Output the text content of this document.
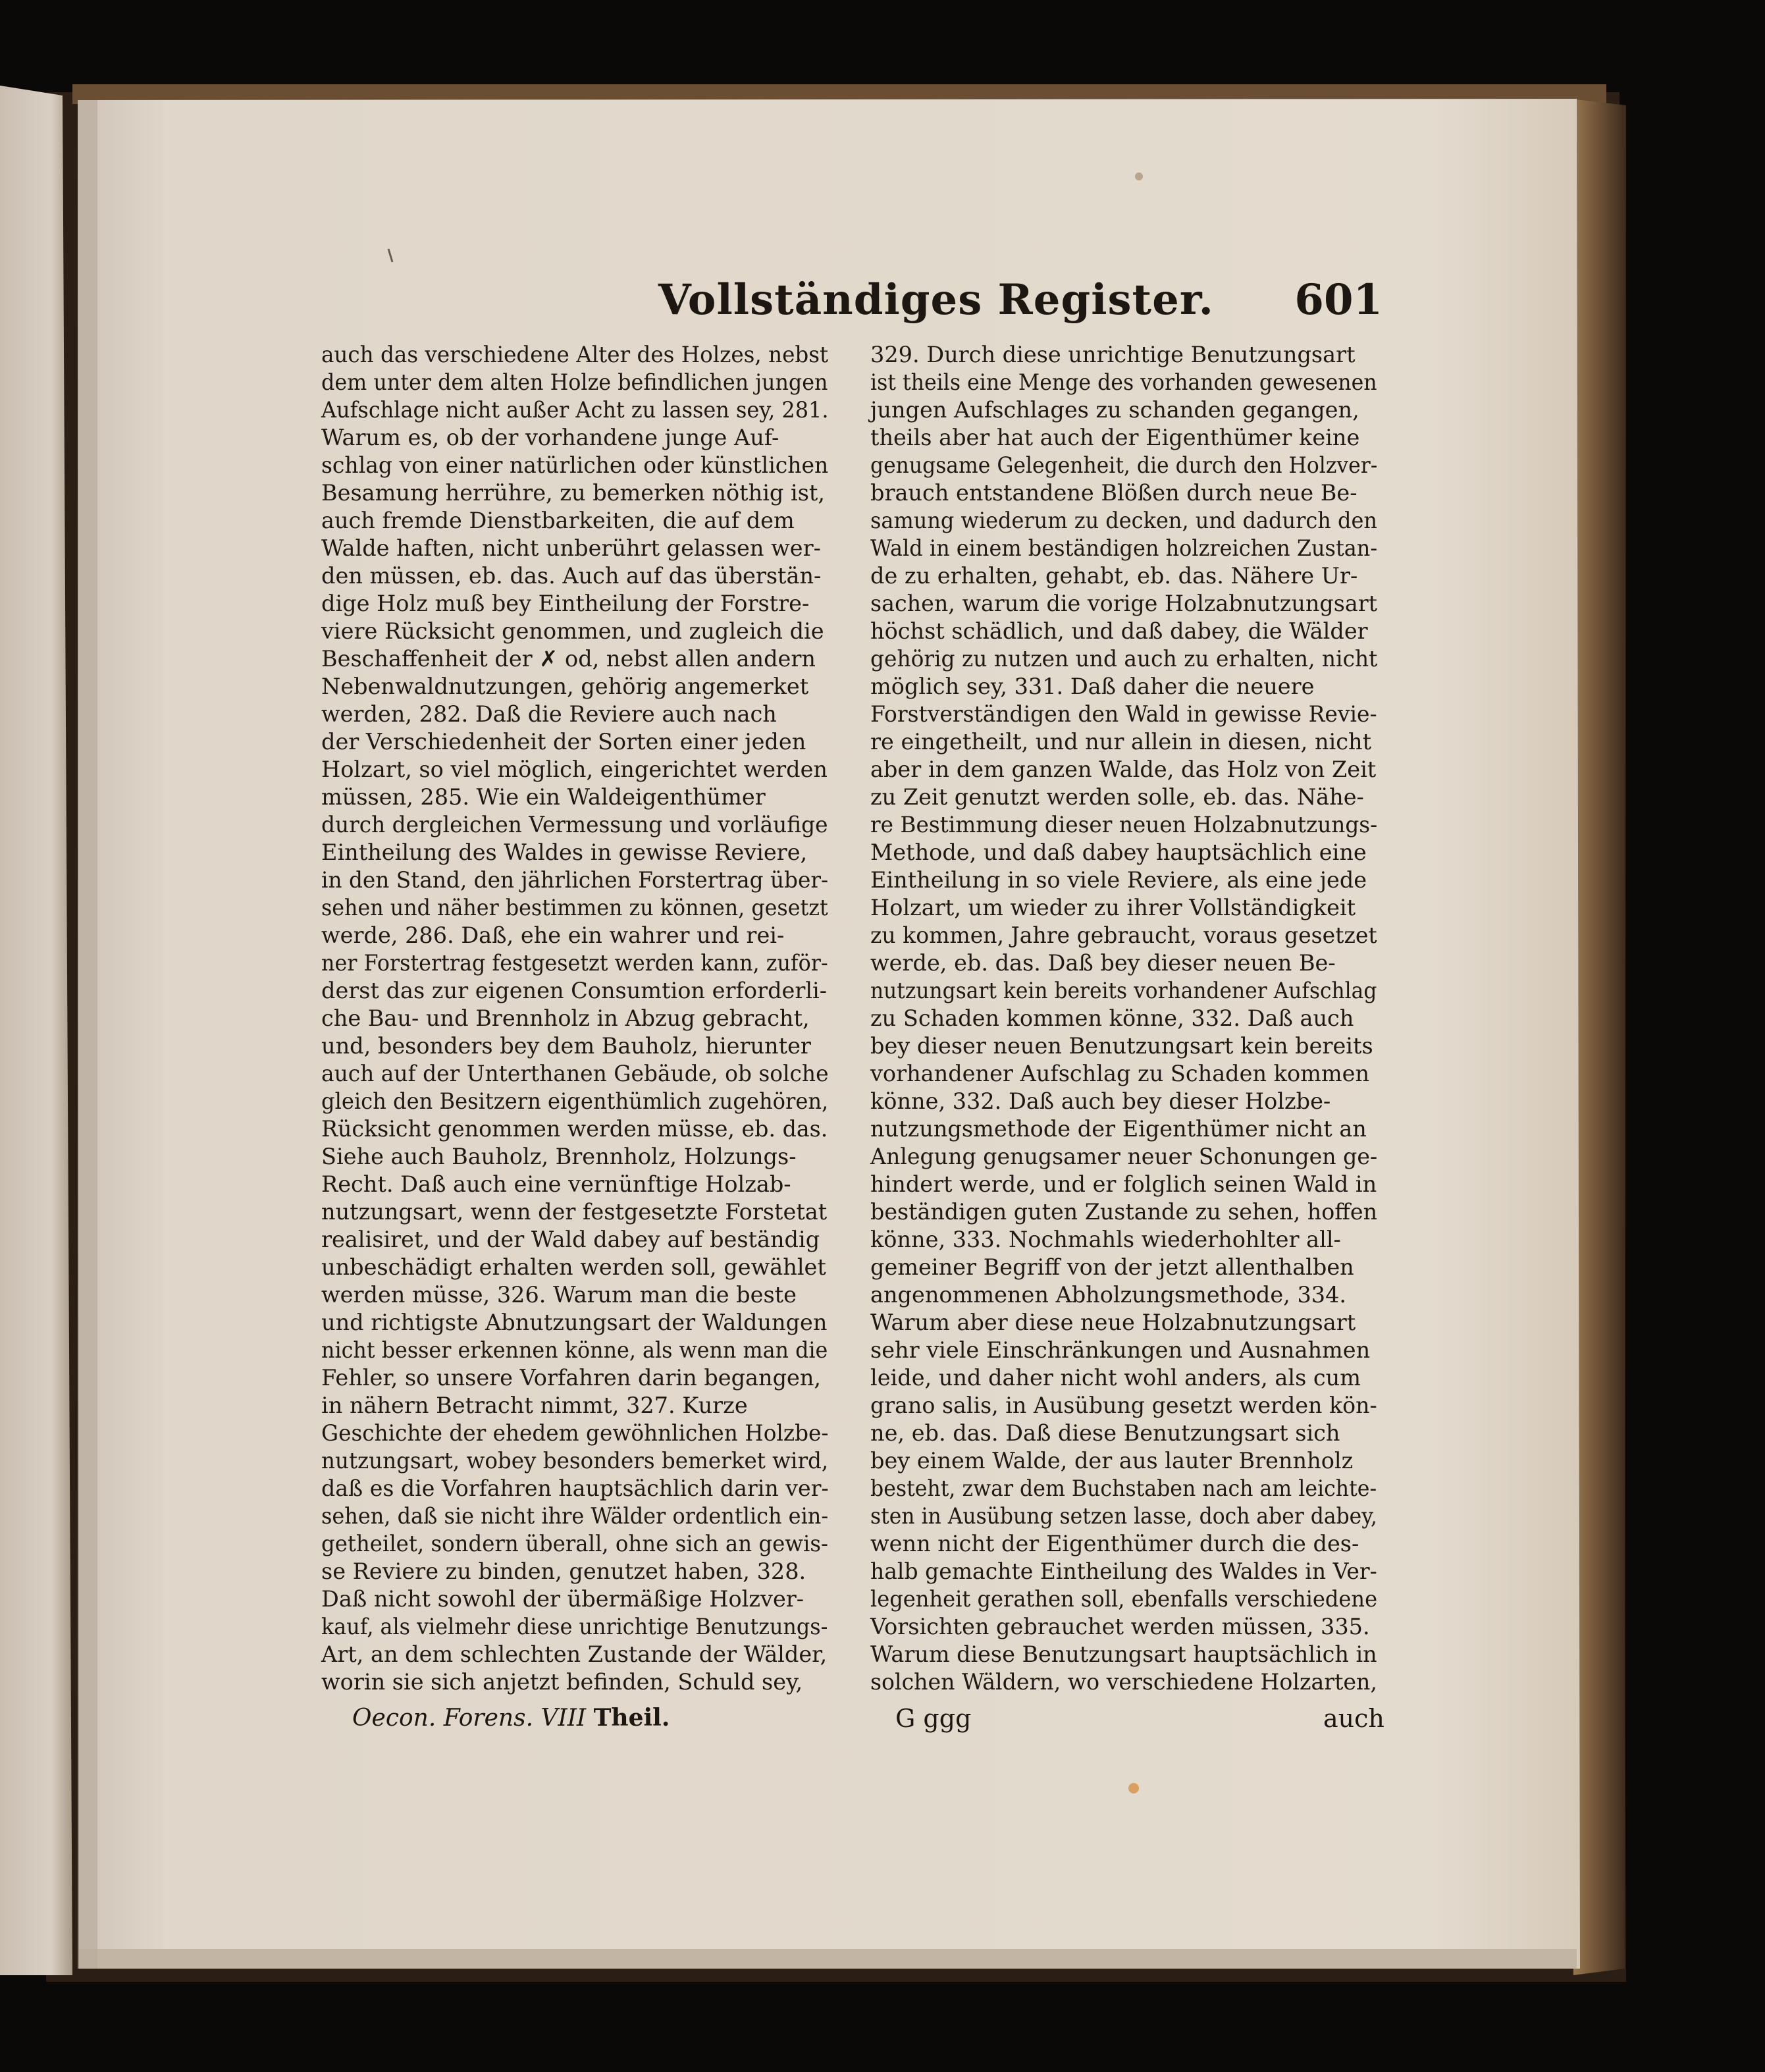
Vollständiges Register. 601

auch das verschiedene Alter des Holzes, nebst

dem unter dem alten Holze befindlichen jungen

Aufschlage nicht außer Acht zu lassen sey, 281.

Warum es, ob der vorhandene junge Auf-

schlag von einer natürlichen oder künstlichen

Besamung herrühre, zu bemerken nöthig ist,

auch fremde Dienstbarkeiten, die auf dem

Walde haften, nicht unberührt gelassen wer-

den müssen, eb. das. Auch auf das überstän-

dige Holz muß bey Eintheilung der Forstre-

viere Rücksicht genommen, und zugleich die

Beschaffenheit der ✗ od, nebst allen andern

Nebenwaldnutzungen, gehörig angemerket

werden, 282. Daß die Reviere auch nach

der Verschiedenheit der Sorten einer jeden

Holzart, so viel möglich, eingerichtet werden

müssen, 285. Wie ein Waldeigenthümer

durch dergleichen Vermessung und vorläufige

Eintheilung des Waldes in gewisse Reviere,

in den Stand, den jährlichen Forstertrag über-

sehen und näher bestimmen zu können, gesetzt

werde, 286. Daß, ehe ein wahrer und rei-

ner Forstertrag festgesetzt werden kann, zuför-

derst das zur eigenen Consumtion erforderli-

che Bau- und Brennholz in Abzug gebracht,

und, besonders bey dem Bauholz, hierunter

auch auf der Unterthanen Gebäude, ob solche

gleich den Besitzern eigenthümlich zugehören,

Rücksicht genommen werden müsse, eb. das.

Siehe auch Bauholz, Brennholz, Holzungs-

Recht. Daß auch eine vernünftige Holzab-

nutzungsart, wenn der festgesetzte Forstetat

realisiret, und der Wald dabey auf beständig

unbeschädigt erhalten werden soll, gewählet

werden müsse, 326. Warum man die beste

und richtigste Abnutzungsart der Waldungen

nicht besser erkennen könne, als wenn man die

Fehler, so unsere Vorfahren darin begangen,

in nähern Betracht nimmt, 327. Kurze

Geschichte der ehedem gewöhnlichen Holzbe-

nutzungsart, wobey besonders bemerket wird,

daß es die Vorfahren hauptsächlich darin ver-

sehen, daß sie nicht ihre Wälder ordentlich ein-

getheilet, sondern überall, ohne sich an gewis-

se Reviere zu binden, genutzet haben, 328.

Daß nicht sowohl der übermäßige Holzver-

kauf, als vielmehr diese unrichtige Benutzungs-

Art, an dem schlechten Zustande der Wälder,

worin sie sich anjetzt befinden, Schuld sey,

329. Durch diese unrichtige Benutzungsart

ist theils eine Menge des vorhanden gewesenen

jungen Aufschlages zu schanden gegangen,

theils aber hat auch der Eigenthümer keine

genugsame Gelegenheit, die durch den Holzver-

brauch entstandene Blößen durch neue Be-

samung wiederum zu decken, und dadurch den

Wald in einem beständigen holzreichen Zustan-

de zu erhalten, gehabt, eb. das. Nähere Ur-

sachen, warum die vorige Holzabnutzungsart

höchst schädlich, und daß dabey, die Wälder

gehörig zu nutzen und auch zu erhalten, nicht

möglich sey, 331. Daß daher die neuere

Forstverständigen den Wald in gewisse Revie-

re eingetheilt, und nur allein in diesen, nicht

aber in dem ganzen Walde, das Holz von Zeit

zu Zeit genutzt werden solle, eb. das. Nähe-

re Bestimmung dieser neuen Holzabnutzungs-

Methode, und daß dabey hauptsächlich eine

Eintheilung in so viele Reviere, als eine jede

Holzart, um wieder zu ihrer Vollständigkeit

zu kommen, Jahre gebraucht, voraus gesetzet

werde, eb. das. Daß bey dieser neuen Be-

nutzungsart kein bereits vorhandener Aufschlag

zu Schaden kommen könne, 332. Daß auch

bey dieser neuen Benutzungsart kein bereits

vorhandener Aufschlag zu Schaden kommen

könne, 332. Daß auch bey dieser Holzbe-

nutzungsmethode der Eigenthümer nicht an

Anlegung genugsamer neuer Schonungen ge-

hindert werde, und er folglich seinen Wald in

beständigen guten Zustande zu sehen, hoffen

könne, 333. Nochmahls wiederhohlter all-

gemeiner Begriff von der jetzt allenthalben

angenommenen Abholzungsmethode, 334.

Warum aber diese neue Holzabnutzungsart

sehr viele Einschränkungen und Ausnahmen

leide, und daher nicht wohl anders, als cum

grano salis, in Ausübung gesetzt werden kön-

ne, eb. das. Daß diese Benutzungsart sich

bey einem Walde, der aus lauter Brennholz

besteht, zwar dem Buchstaben nach am leichte-

sten in Ausübung setzen lasse, doch aber dabey,

wenn nicht der Eigenthümer durch die des-

halb gemachte Eintheilung des Waldes in Ver-

legenheit gerathen soll, ebenfalls verschiedene

Vorsichten gebrauchet werden müssen, 335.

Warum diese Benutzungsart hauptsächlich in

solchen Wäldern, wo verschiedene Holzarten,

Oecon. Forens. VIII Theil.	G ggg	auch
